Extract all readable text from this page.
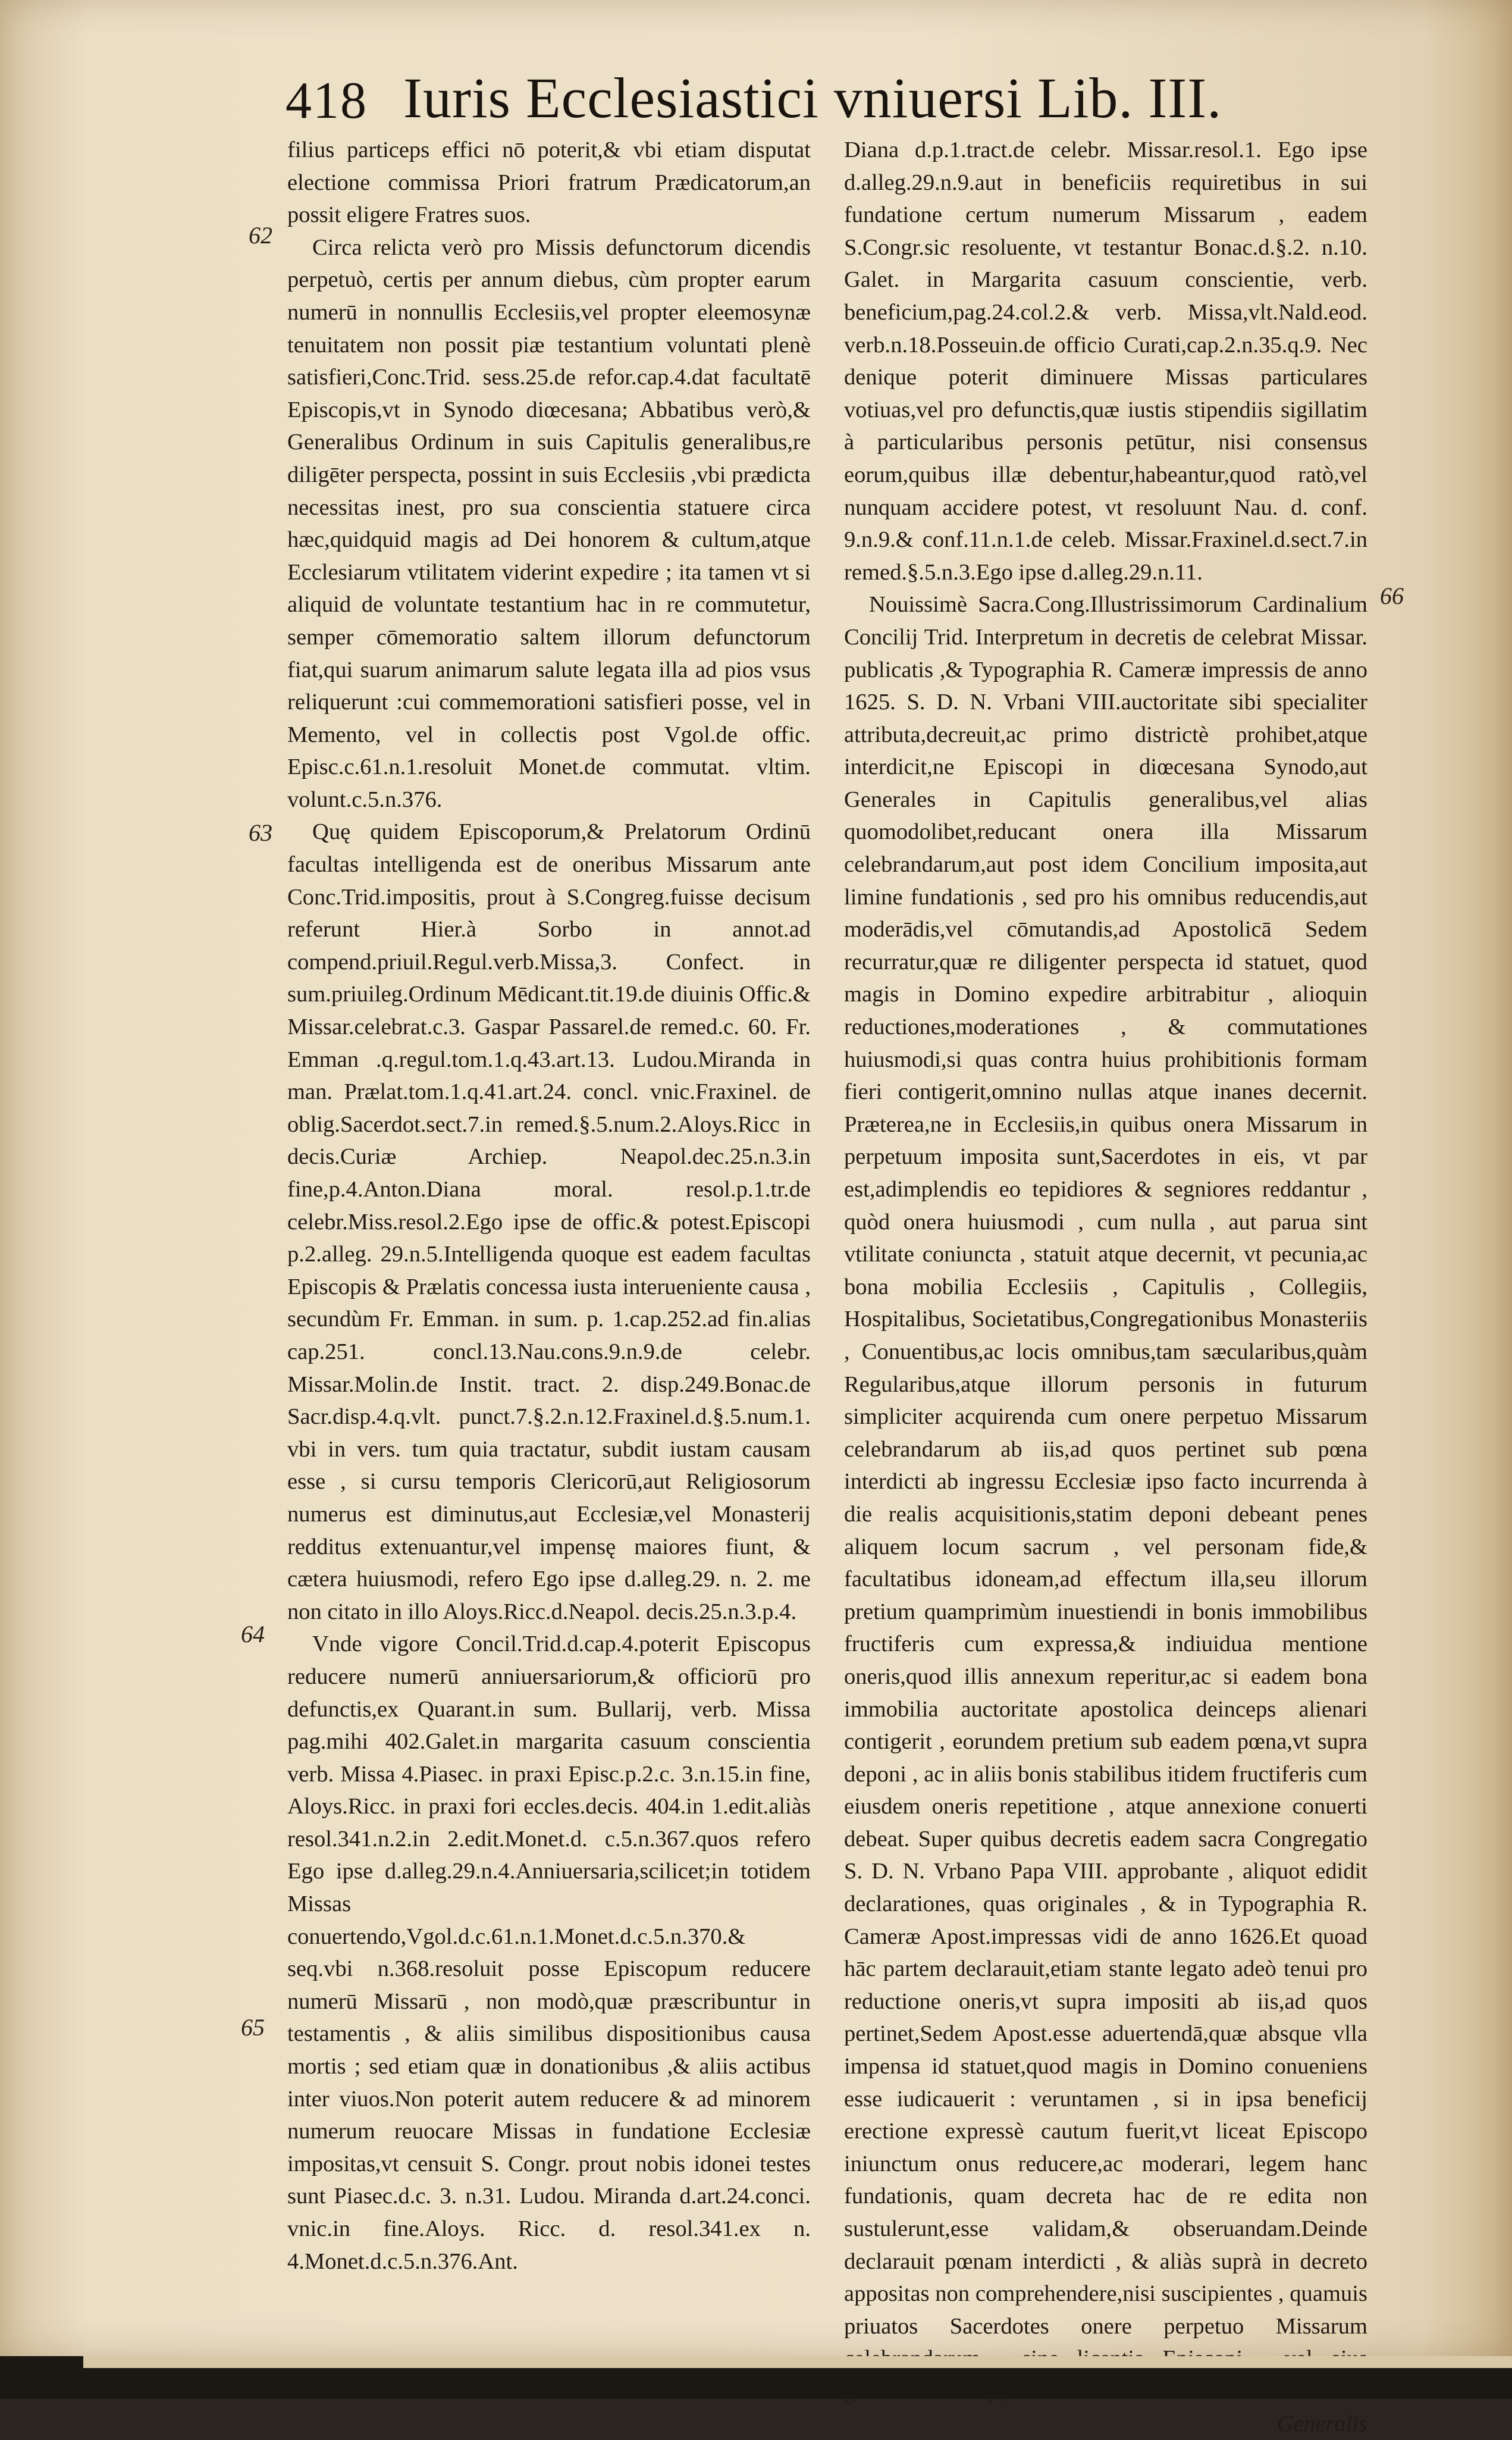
418 Iuris Ecclesiastici vniuersi Lib. III.
62
63
64
65
66

filius particeps effici nō poterit,& vbi etiam disputat electione commissa Priori fratrum Prædicatorum,an possit eligere Fratres suos.

Circa relicta verò pro Missis defunctorum dicendis perpetuò, certis per annum diebus, cùm propter earum numerū in nonnullis Ecclesiis,vel propter eleemosynæ tenuitatem non possit piæ testantium voluntati plenè satisfieri,Conc.Trid. sess.25.de refor.cap.4.dat facultatē Episcopis,vt in Synodo diœcesana; Abbatibus verò,& Generalibus Ordinum in suis Capitulis generalibus,re diligēter perspecta, possint in suis Ecclesiis ,vbi prædicta necessitas inest, pro sua conscientia statuere circa hæc,quidquid magis ad Dei honorem & cultum,atque Ecclesiarum vtilitatem viderint expedire ; ita tamen vt si aliquid de voluntate testantium hac in re commutetur, semper cōmemoratio saltem illorum defunctorum fiat,qui suarum animarum salute legata illa ad pios vsus reliquerunt :cui commemorationi satisfieri posse, vel in Memento, vel in collectis post Vgol.de offic. Episc.c.61.n.1.resoluit Monet.de commutat. vltim. volunt.c.5.n.376.

Quę quidem Episcoporum,& Prelatorum Ordinū facultas intelligenda est de oneribus Missarum ante Conc.Trid.impositis, prout à S.Congreg.fuisse decisum referunt Hier.à Sorbo in annot.ad compend.priuil.Regul.verb.Missa,3. Confect. in sum.priuileg.Ordinum Mēdicant.tit.19.de diuinis Offic.& Missar.celebrat.c.3. Gaspar Passarel.de remed.c. 60. Fr. Emman .q.regul.tom.1.q.43.art.13. Ludou.Miranda in man. Prælat.tom.1.q.41.art.24. concl. vnic.Fraxinel. de oblig.Sacerdot.sect.7.in remed.§.5.num.2.Aloys.Ricc in decis.Curiæ Archiep. Neapol.dec.25.n.3.in fine,p.4.Anton.Diana moral. resol.p.1.tr.de celebr.Miss.resol.2.Ego ipse de offic.& potest.Episcopi p.2.alleg. 29.n.5.Intelligenda quoque est eadem facultas Episcopis & Prælatis concessa iusta interueniente causa , secundùm Fr. Emman. in sum. p. 1.cap.252.ad fin.alias cap.251. concl.13.Nau.cons.9.n.9.de celebr. Missar.Molin.de Instit. tract. 2. disp.249.Bonac.de Sacr.disp.4.q.vlt. punct.7.§.2.n.12.Fraxinel.d.§.5.num.1. vbi in vers. tum quia tractatur, subdit iustam causam esse , si cursu temporis Clericorū,aut Religiosorum numerus est diminutus,aut Ecclesiæ,vel Monasterij redditus extenuantur,vel impensę maiores fiunt, & cætera huiusmodi, refero Ego ipse d.alleg.29. n. 2. me non citato in illo Aloys.Ricc.d.Neapol. decis.25.n.3.p.4.

Vnde vigore Concil.Trid.d.cap.4.poterit Episcopus reducere numerū anniuersariorum,& officiorū pro defunctis,ex Quarant.in sum. Bullarij, verb. Missa pag.mihi 402.Galet.in margarita casuum conscientia verb. Missa 4.Piasec. in praxi Episc.p.2.c. 3.n.15.in fine, Aloys.Ricc. in praxi fori eccles.decis. 404.in 1.edit.aliàs resol.341.n.2.in 2.edit.Monet.d. c.5.n.367.quos refero Ego ipse d.alleg.29.n.4.Anniuersaria,scilicet;in totidem Missas conuertendo,Vgol.d.c.61.n.1.Monet.d.c.5.n.370.& seq.vbi n.368.resoluit posse Episcopum reducere numerū Missarū , non modò,quæ præscribuntur in testamentis , & aliis similibus dispositionibus causa mortis ; sed etiam quæ in donationibus ,& aliis actibus inter viuos.Non poterit autem reducere & ad minorem numerum reuocare Missas in fundatione Ecclesiæ impositas,vt censuit S. Congr. prout nobis idonei testes sunt Piasec.d.c. 3. n.31. Ludou. Miranda d.art.24.conci. vnic.in fine.Aloys. Ricc. d. resol.341.ex n. 4.Monet.d.c.5.n.376.Ant.

Diana d.p.1.tract.de celebr. Missar.resol.1. Ego ipse d.alleg.29.n.9.aut in beneficiis requiretibus in sui fundatione certum numerum Missarum , eadem S.Congr.sic resoluente, vt testantur Bonac.d.§.2. n.10. Galet. in Margarita casuum conscientie, verb. beneficium,pag.24.col.2.& verb. Missa,vlt.Nald.eod. verb.n.18.Posseuin.de officio Curati,cap.2.n.35.q.9. Nec denique poterit diminuere Missas particulares votiuas,vel pro defunctis,quæ iustis stipendiis sigillatim à particularibus personis petūtur, nisi consensus eorum,quibus illæ debentur,habeantur,quod ratò,vel nunquam accidere potest, vt resoluunt Nau. d. conf. 9.n.9.& conf.11.n.1.de celeb. Missar.Fraxinel.d.sect.7.in remed.§.5.n.3.Ego ipse d.alleg.29.n.11.

Nouissimè Sacra.Cong.Illustrissimorum Cardinalium Concilij Trid. Interpretum in decretis de celebrat Missar. publicatis ,& Typographia R. Cameræ impressis de anno 1625. S. D. N. Vrbani VIII.auctoritate sibi specialiter attributa,decreuit,ac primo districtè prohibet,atque interdicit,ne Episcopi in diœcesana Synodo,aut Generales in Capitulis generalibus,vel alias quomodolibet,reducant onera illa Missarum celebrandarum,aut post idem Concilium imposita,aut limine fundationis , sed pro his omnibus reducendis,aut moderādis,vel cōmutandis,ad Apostolicā Sedem recurratur,quæ re diligenter perspecta id statuet, quod magis in Domino expedire arbitrabitur , alioquin reductiones,moderationes , & commutationes huiusmodi,si quas contra huius prohibitionis formam fieri contigerit,omnino nullas atque inanes decernit. Præterea,ne in Ecclesiis,in quibus onera Missarum in perpetuum imposita sunt,Sacerdotes in eis, vt par est,adimplendis eo tepidiores & segniores reddantur , quòd onera huiusmodi , cum nulla , aut parua sint vtilitate coniuncta , statuit atque decernit, vt pecunia,ac bona mobilia Ecclesiis , Capitulis , Collegiis, Hospitalibus, Societatibus,Congregationibus Monasteriis , Conuentibus,ac locis omnibus,tam sæcularibus,quàm Regularibus,atque illorum personis in futurum simpliciter acquirenda cum onere perpetuo Missarum celebrandarum ab iis,ad quos pertinet sub pœna interdicti ab ingressu Ecclesiæ ipso facto incurrenda à die realis acquisitionis,statim deponi debeant penes aliquem locum sacrum , vel personam fide,& facultatibus idoneam,ad effectum illa,seu illorum pretium quamprimùm inuestiendi in bonis immobilibus fructiferis cum expressa,& indiuidua mentione oneris,quod illis annexum reperitur,ac si eadem bona immobilia auctoritate apostolica deinceps alienari contigerit , eorundem pretium sub eadem pœna,vt supra deponi , ac in aliis bonis stabilibus itidem fructiferis cum eiusdem oneris repetitione , atque annexione conuerti debeat. Super quibus decretis eadem sacra Congregatio S. D. N. Vrbano Papa VIII. approbante , aliquot edidit declarationes, quas originales , & in Typographia R. Cameræ Apost.impressas vidi de anno 1626.Et quoad hāc partem declarauit,etiam stante legato adeò tenui pro reductione oneris,vt supra impositi ab iis,ad quos pertinet,Sedem Apost.esse aduertendā,quæ absque vlla impensa id statuet,quod magis in Domino conueniens esse iudicauerit : veruntamen , si in ipsa beneficij erectione expressè cautum fuerit,vt liceat Episcopo iniunctum onus reducere,ac moderari, legem hanc fundationis, quam decreta hac de re edita non sustulerunt,esse validam,& obseruandam.Deinde declarauit pœnam interdicti , & aliàs suprà in decreto appositas non comprehendere,nisi suscipientes , quamuis priuatos Sacerdotes onere perpetuo Missarum

Generalis
